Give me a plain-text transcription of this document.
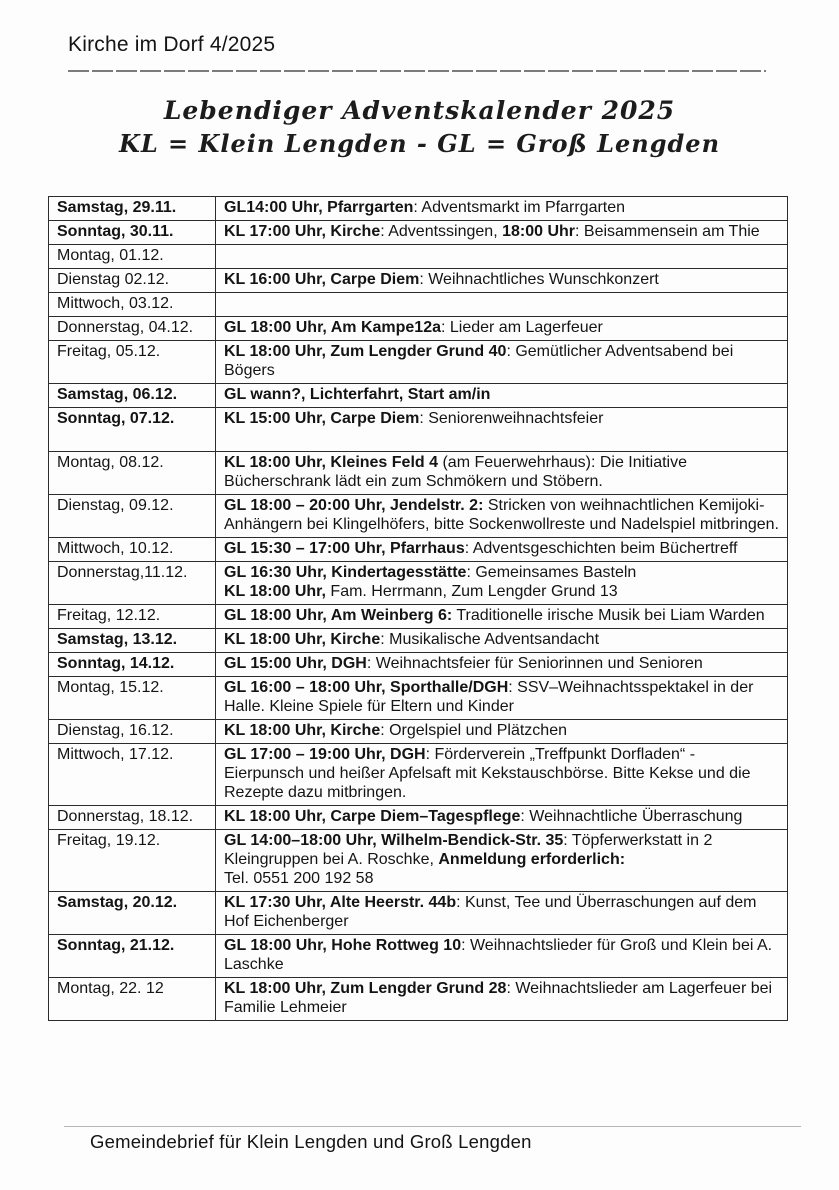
Kirche im Dorf 4/2025
Lebendiger Adventskalender 2025
KL = Klein Lengden - GL = Groß Lengden
Samstag, 29.11.	GL14:00 Uhr, Pfarrgarten: Adventsmarkt im Pfarrgarten
Sonntag, 30.11.	KL 17:00 Uhr, Kirche: Adventssingen, 18:00 Uhr: Beisammensein am Thie
Montag, 01.12.	
Dienstag 02.12.	KL 16:00 Uhr, Carpe Diem: Weihnachtliches Wunschkonzert
Mittwoch, 03.12.	
Donnerstag, 04.12.	GL 18:00 Uhr, Am Kampe12a: Lieder am Lagerfeuer
Freitag, 05.12.	KL 18:00 Uhr, Zum Lengder Grund 40: Gemütlicher Adventsabend bei Bögers
Samstag, 06.12.	GL wann?, Lichterfahrt, Start am/in
Sonntag, 07.12.	KL 15:00 Uhr, Carpe Diem: Seniorenweihnachtsfeier
Montag, 08.12.	KL 18:00 Uhr, Kleines Feld 4 (am Feuerwehrhaus): Die Initiative Bücherschrank lädt ein zum Schmökern und Stöbern.
Dienstag, 09.12.	GL 18:00 – 20:00 Uhr, Jendelstr. 2: Stricken von weihnachtlichen Kemijoki-Anhängern bei Klingelhöfers, bitte Sockenwollreste und Nadelspiel mitbringen.
Mittwoch, 10.12.	GL 15:30 – 17:00 Uhr, Pfarrhaus: Adventsgeschichten beim Büchertreff
Donnerstag,11.12.	GL 16:30 Uhr, Kindertagesstätte: Gemeinsames Basteln
KL 18:00 Uhr, Fam. Herrmann, Zum Lengder Grund 13
Freitag, 12.12.	GL 18:00 Uhr, Am Weinberg 6: Traditionelle irische Musik bei Liam Warden
Samstag, 13.12.	KL 18:00 Uhr, Kirche: Musikalische Adventsandacht
Sonntag, 14.12.	GL 15:00 Uhr, DGH: Weihnachtsfeier für Seniorinnen und Senioren
Montag, 15.12.	GL 16:00 – 18:00 Uhr, Sporthalle/DGH: SSV–Weihnachtsspektakel in der Halle. Kleine Spiele für Eltern und Kinder
Dienstag, 16.12.	KL 18:00 Uhr, Kirche: Orgelspiel und Plätzchen
Mittwoch, 17.12.	GL 17:00 – 19:00 Uhr, DGH: Förderverein „Treffpunkt Dorfladen“ - Eierpunsch und heißer Apfelsaft mit Kekstauschbörse. Bitte Kekse und die Rezepte dazu mitbringen.
Donnerstag, 18.12.	KL 18:00 Uhr, Carpe Diem–Tagespflege: Weihnachtliche Überraschung
Freitag, 19.12.	GL 14:00–18:00 Uhr, Wilhelm-Bendick-Str. 35: Töpferwerkstatt in 2 Kleingruppen bei A. Roschke, Anmeldung erforderlich:
Tel. 0551 200 192 58
Samstag, 20.12.	KL 17:30 Uhr, Alte Heerstr. 44b: Kunst, Tee und Überraschungen auf dem Hof Eichenberger
Sonntag, 21.12.	GL 18:00 Uhr, Hohe Rottweg 10: Weihnachtslieder für Groß und Klein bei A. Laschke
Montag, 22. 12	KL 18:00 Uhr, Zum Lengder Grund 28: Weihnachtslieder am Lagerfeuer bei Familie Lehmeier
Gemeindebrief für Klein Lengden und Groß Lengden
